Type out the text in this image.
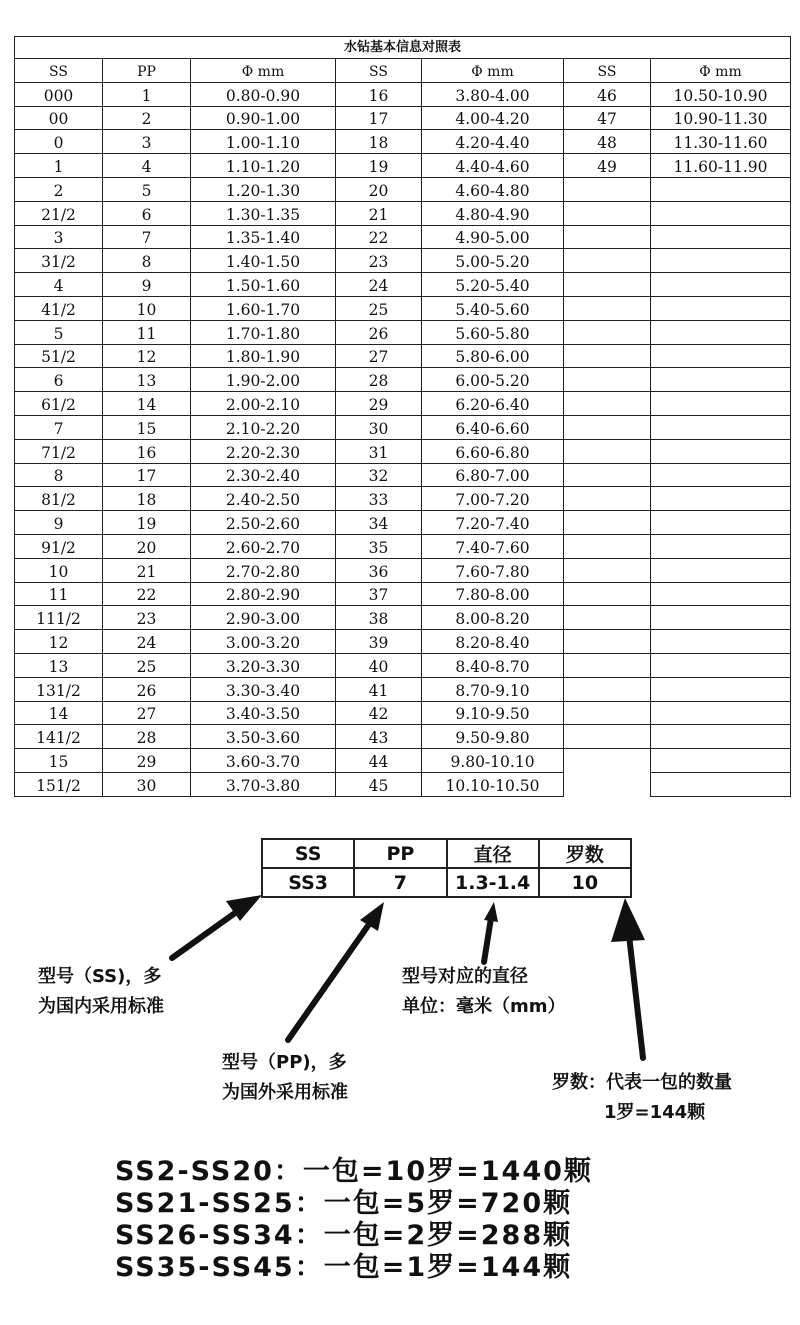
水钻基本信息对照表						
SS	PP	Φ mm	SS	Φ mm	SS	Φ mm
000	1	0.80-0.90	16	3.80-4.00	46	10.50-10.90
00	2	0.90-1.00	17	4.00-4.20	47	10.90-11.30
0	3	1.00-1.10	18	4.20-4.40	48	11.30-11.60
1	4	1.10-1.20	19	4.40-4.60	49	11.60-11.90
2	5	1.20-1.30	20	4.60-4.80		
21/2	6	1.30-1.35	21	4.80-4.90		
3	7	1.35-1.40	22	4.90-5.00		
31/2	8	1.40-1.50	23	5.00-5.20		
4	9	1.50-1.60	24	5.20-5.40		
41/2	10	1.60-1.70	25	5.40-5.60		
5	11	1.70-1.80	26	5.60-5.80		
51/2	12	1.80-1.90	27	5.80-6.00		
6	13	1.90-2.00	28	6.00-5.20		
61/2	14	2.00-2.10	29	6.20-6.40		
7	15	2.10-2.20	30	6.40-6.60		
71/2	16	2.20-2.30	31	6.60-6.80		
8	17	2.30-2.40	32	6.80-7.00		
81/2	18	2.40-2.50	33	7.00-7.20		
9	19	2.50-2.60	34	7.20-7.40		
91/2	20	2.60-2.70	35	7.40-7.60		
10	21	2.70-2.80	36	7.60-7.80		
11	22	2.80-2.90	37	7.80-8.00		
111/2	23	2.90-3.00	38	8.00-8.20		
12	24	3.00-3.20	39	8.20-8.40		
13	25	3.20-3.30	40	8.40-8.70		
131/2	26	3.30-3.40	41	8.70-9.10		
14	27	3.40-3.50	42	9.10-9.50		
141/2	28	3.50-3.60	43	9.50-9.80		
15	29	3.60-3.70	44	9.80-10.10		
151/2	30	3.70-3.80	45	10.10-10.50		
SS	PP	直径	罗数
SS3	7	1.3-1.4	10
型号（SS)，多
为国内采用标准
型号（PP)，多
为国外采用标准
型号对应的直径
单位：毫米（mm）
罗数：代表一包的数量
1罗=144颗
SS2-SS20：一包=10罗=1440颗
SS21-SS25：一包=5罗=720颗
SS26-SS34：一包=2罗=288颗
SS35-SS45：一包=1罗=144颗
